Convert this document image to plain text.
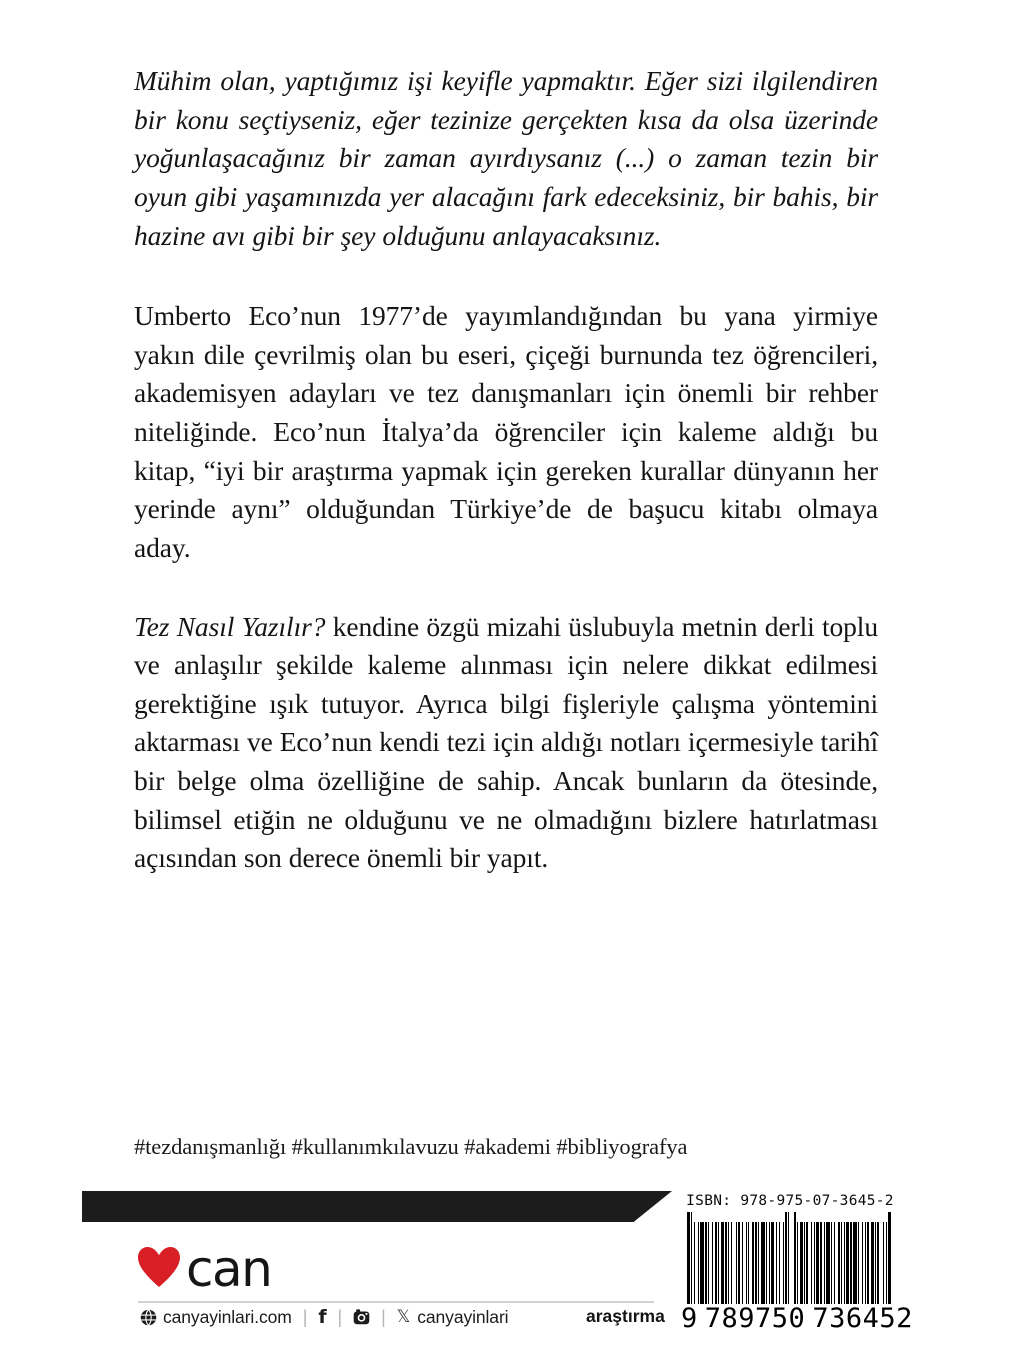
Mühim olan, yaptığımız işi keyifle yapmaktır. Eğer sizi ilgilendiren bir konu seçtiyseniz, eğer tezinize gerçekten kısa da olsa üzerinde yoğunlaşacağınız bir zaman ayırdıysanız (...) o zaman tezin bir oyun gibi yaşamınızda yer alacağını fark edeceksiniz, bir bahis, bir hazine avı gibi bir şey olduğunu anlayacaksınız.

Umberto Eco’nun 1977’de yayımlandığından bu yana yirmiye yakın dile çevrilmiş olan bu eseri, çiçeği burnunda tez öğrencileri, akademisyen adayları ve tez danışmanları için önemli bir rehber niteliğinde. Eco’nun İtalya’da öğrenciler için kaleme aldığı bu kitap, “iyi bir araştırma yapmak için gereken kurallar dünyanın her yerinde aynı” olduğundan Türkiye’de de başucu kitabı olmaya aday.

Tez Nasıl Yazılır? kendine özgü mizahi üslubuyla metnin derli toplu ve anlaşılır şekilde kaleme alınması için nelere dikkat edilmesi gerektiğine ışık tutuyor. Ayrıca bilgi fişleriyle çalışma yöntemini aktarması ve Eco’nun kendi tezi için aldığı notları içermesiyle tarihî bir belge olma özelliğine de sahip. Ancak bunların da ötesinde, bilimsel etiğin ne olduğunu ve ne olmadığını bizlere hatırlatması açısından son derece önemli bir yapıt.

#tezdanışmanlığı #kullanımkılavuzu #akademi #bibliyografya
can
canyayinlari.com | f | | 𝕏 canyayinlari	araştırma
ISBN: 978-975-07-3645-2
9 789750 736452
